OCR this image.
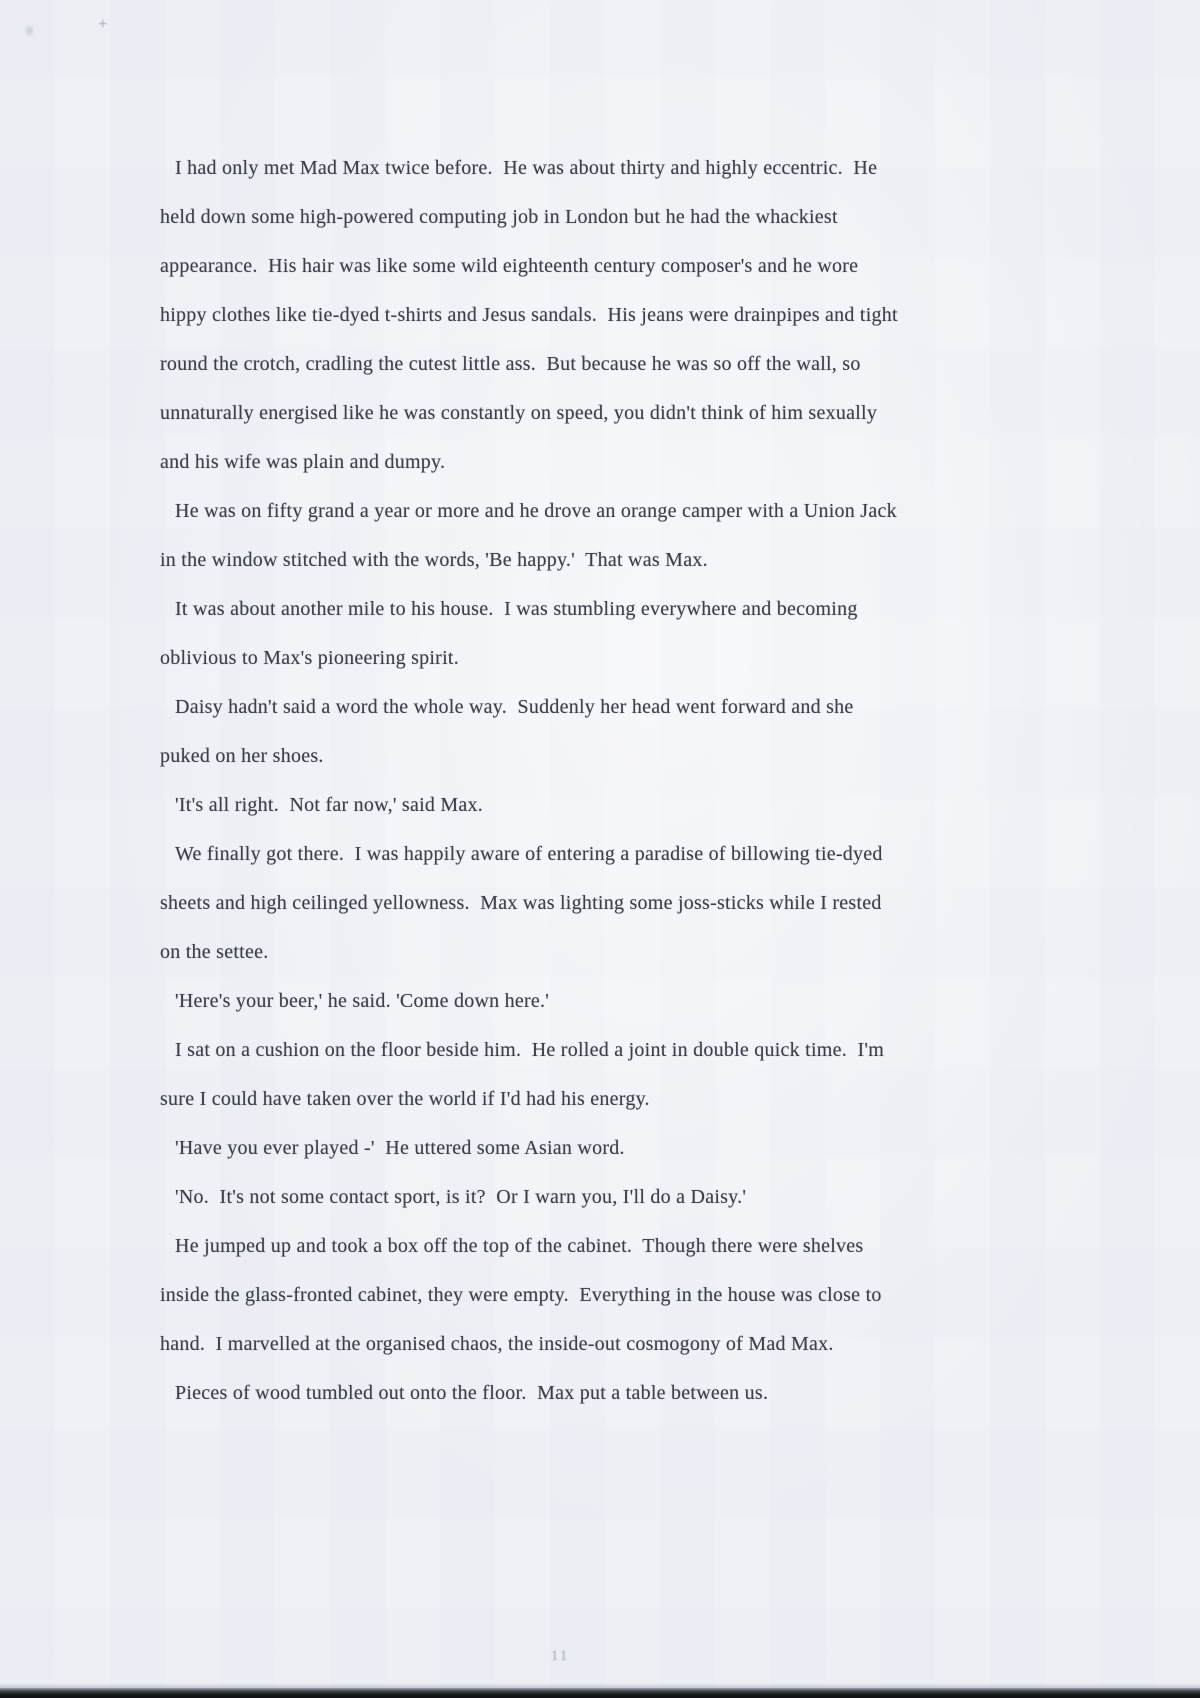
+
I had only met Mad Max twice before.  He was about thirty and highly eccentric.  He
held down some high-powered computing job in London but he had the whackiest
appearance.  His hair was like some wild eighteenth century composer's and he wore
hippy clothes like tie-dyed t-shirts and Jesus sandals.  His jeans were drainpipes and tight
round the crotch, cradling the cutest little ass.  But because he was so off the wall, so
unnaturally energised like he was constantly on speed, you didn't think of him sexually
and his wife was plain and dumpy.
He was on fifty grand a year or more and he drove an orange camper with a Union Jack
in the window stitched with the words, 'Be happy.'  That was Max.
It was about another mile to his house.  I was stumbling everywhere and becoming
oblivious to Max's pioneering spirit.
Daisy hadn't said a word the whole way.  Suddenly her head went forward and she
puked on her shoes.
'It's all right.  Not far now,' said Max.
We finally got there.  I was happily aware of entering a paradise of billowing tie-dyed
sheets and high ceilinged yellowness.  Max was lighting some joss-sticks while I rested
on the settee.
'Here's your beer,' he said. 'Come down here.'
I sat on a cushion on the floor beside him.  He rolled a joint in double quick time.  I'm
sure I could have taken over the world if I'd had his energy.
'Have you ever played -'  He uttered some Asian word.
'No.  It's not some contact sport, is it?  Or I warn you, I'll do a Daisy.'
He jumped up and took a box off the top of the cabinet.  Though there were shelves
inside the glass-fronted cabinet, they were empty.  Everything in the house was close to
hand.  I marvelled at the organised chaos, the inside-out cosmogony of Mad Max.
Pieces of wood tumbled out onto the floor.  Max put a table between us.
11
